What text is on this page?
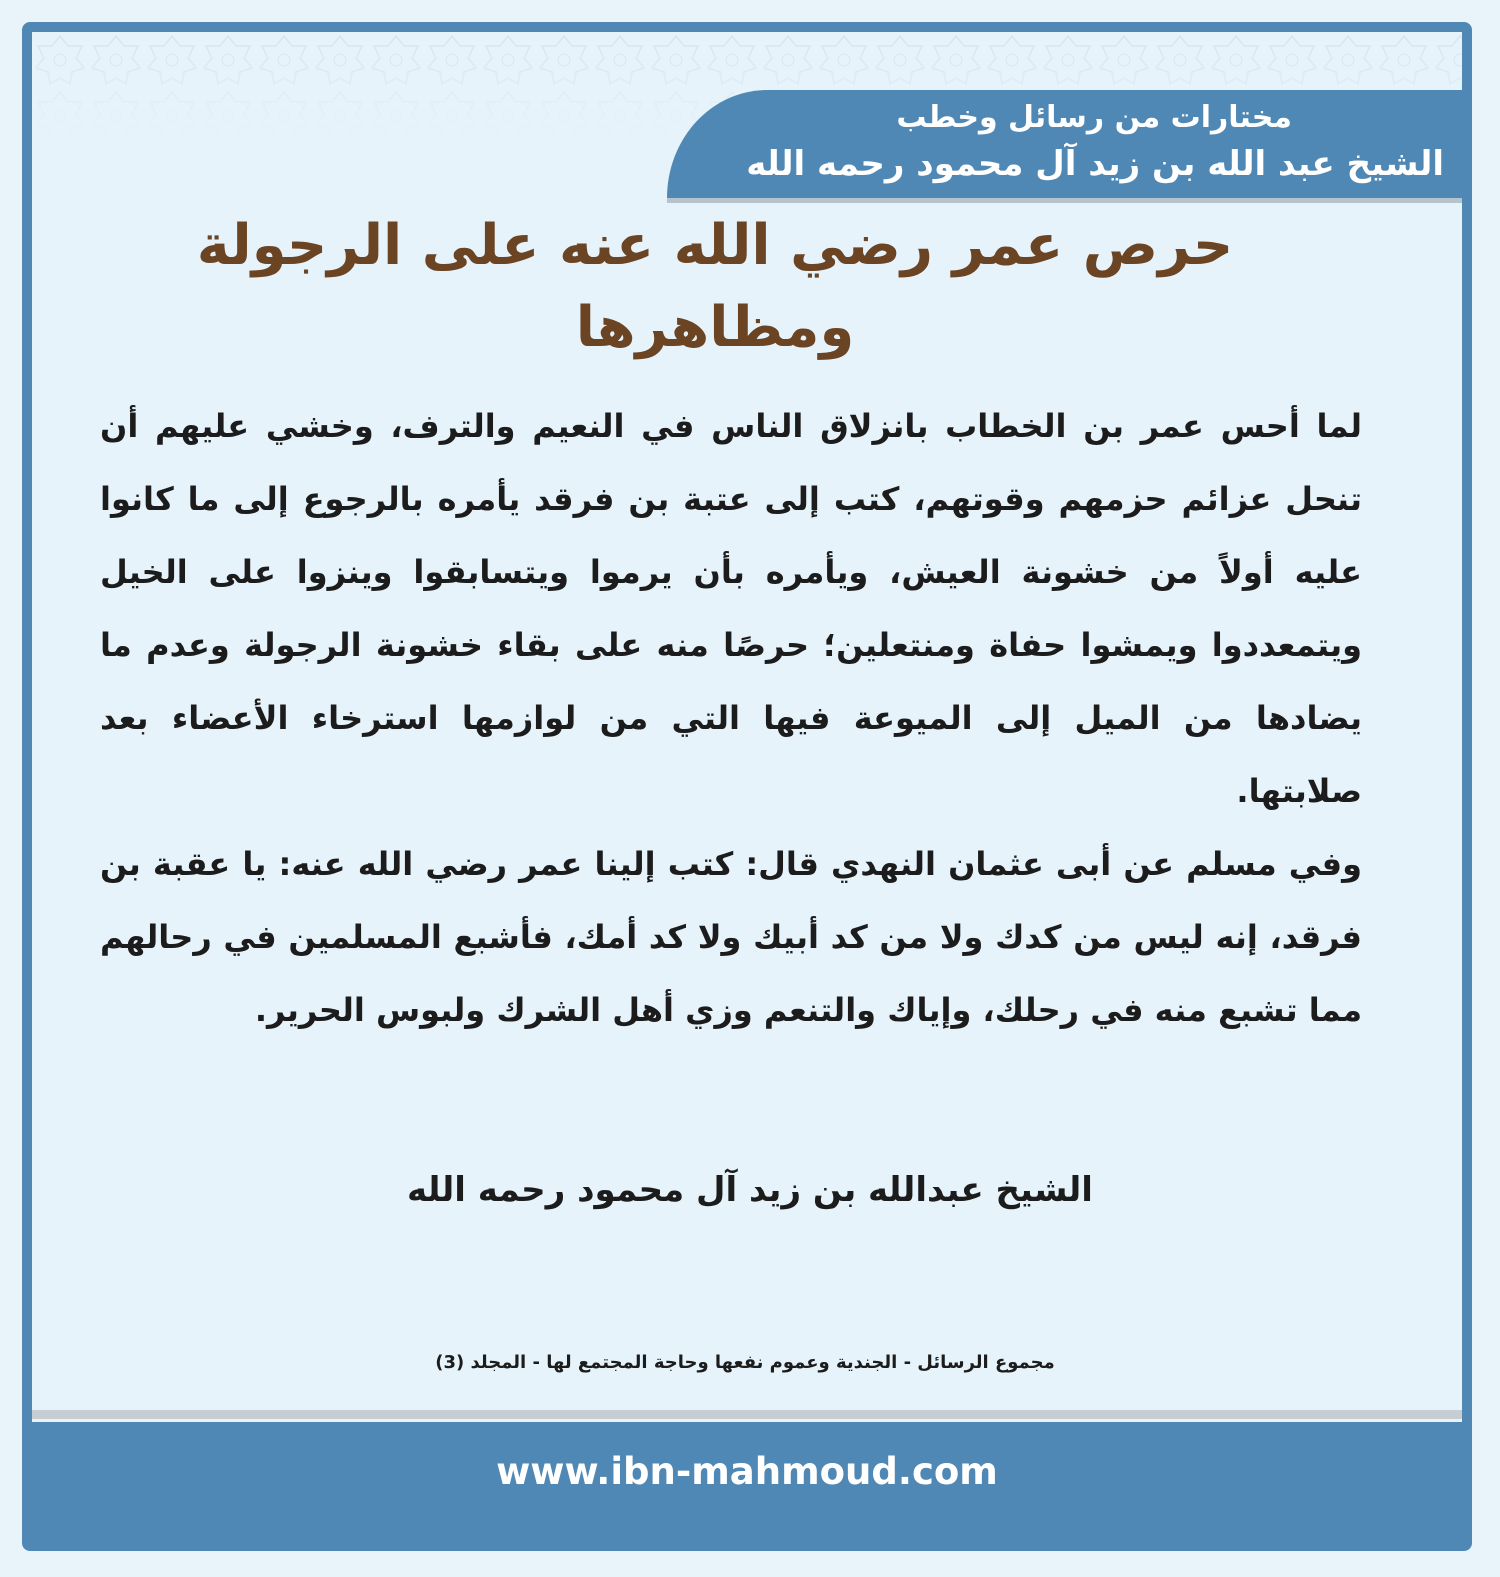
مختارات من رسائل وخطب
الشيخ عبد الله بن زيد آل محمود رحمه الله
حرص عمر رضي الله عنه على الرجولة
ومظاهرها

لما أحس عمر بن الخطاب بانزلاق الناس في النعيم والترف، وخشي عليهم أن تنحل عزائم حزمهم وقوتهم، كتب إلى عتبة بن فرقد يأمره بالرجوع إلى ما كانوا عليه أولاً من خشونة العيش، ويأمره بأن يرموا ويتسابقوا وينزوا على الخيل ويتمعددوا ويمشوا حفاة ومنتعلين؛ حرصًا منه على بقاء خشونة الرجولة وعدم ما يضادها من الميل إلى الميوعة فيها التي من لوازمها استرخاء الأعضاء بعد صلابتها.

وفي مسلم عن أبى عثمان النهدي قال: كتب إلينا عمر رضي الله عنه: يا عقبة بن فرقد، إنه ليس من كدك ولا من كد أبيك ولا كد أمك، فأشبع المسلمين في رحالهم مما تشبع منه في رحلك، وإياك والتنعم وزي أهل الشرك ولبوس الحرير.

الشيخ عبدالله بن زيد آل محمود رحمه الله
مجموع الرسائل - الجندية وعموم نفعها وحاجة المجتمع لها - المجلد (3)
www.ibn-mahmoud.com
